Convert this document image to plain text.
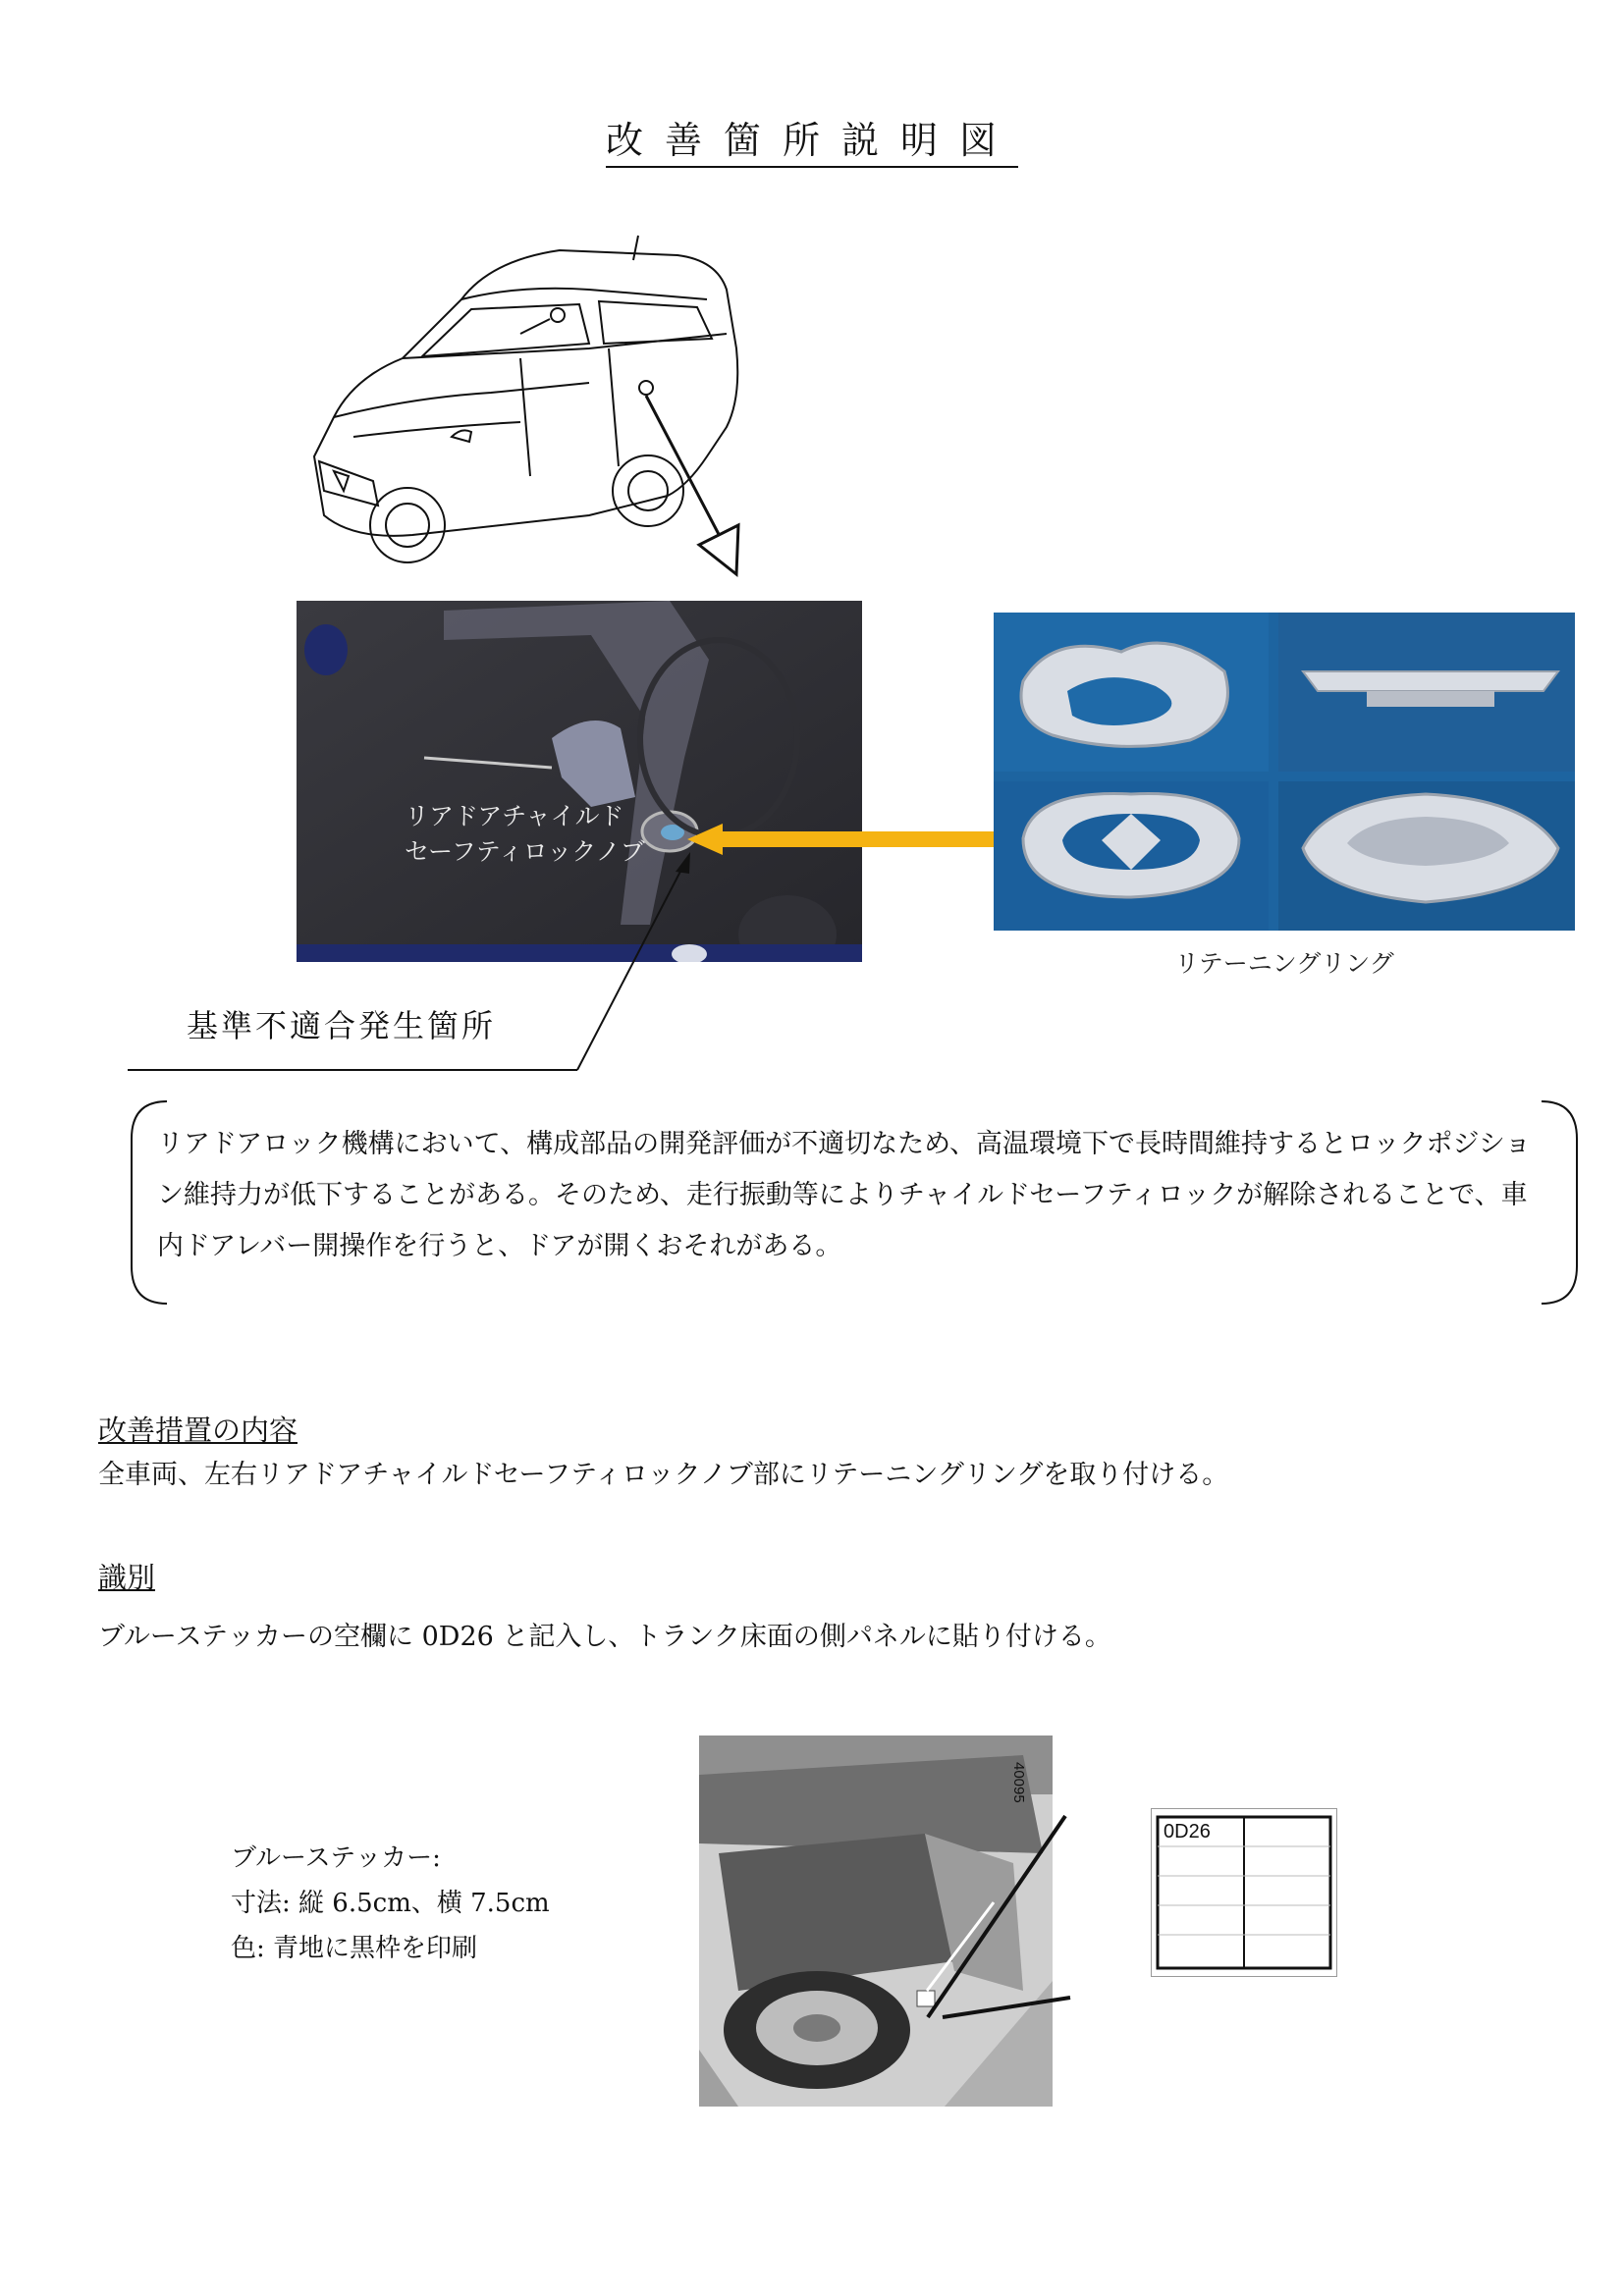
改善箇所説明図
リアドアチャイルド
セーフティロックノブ
リテーニングリング
基準不適合発生箇所
リアドアロック機構において、構成部品の開発評価が不適切なため、高温環境下で長時間維持するとロックポジション維持力が低下することがある。そのため、走行振動等によりチャイルドセーフティロックが解除されることで、車内ドアレバー開操作を行うと、ドアが開くおそれがある。
改善措置の内容
全車両、左右リアドアチャイルドセーフティロックノブ部にリテーニングリングを取り付ける。
識別
ブルーステッカーの空欄に 0D26 と記入し、トランク床面の側パネルに貼り付ける。
ブルーステッカー:
寸法: 縦 6.5cm、横 7.5cm
色: 青地に黒枠を印刷
40095
0D26
